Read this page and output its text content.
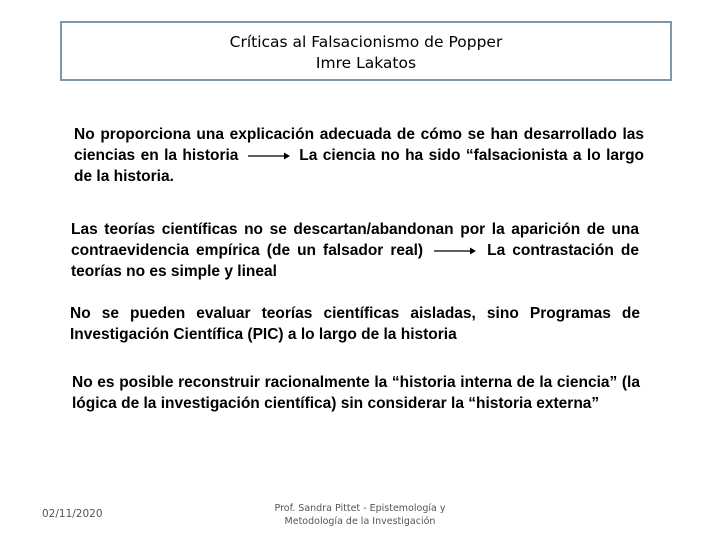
Críticas al Falsacionismo de Popper
Imre Lakatos
No proporciona una explicación adecuada de cómo se han desarrollado las ciencias en la historia	La ciencia no ha sido “falsacionista a lo largo de la historia.
Las teorías científicas no se descartan/abandonan por la aparición de una contraevidencia empírica (de un falsador real)	La contrastación de teorías no es simple y lineal
No se pueden evaluar teorías científicas aisladas, sino Programas de Investigación Científica (PIC) a lo largo de la historia
No es posible reconstruir racionalmente la “historia interna de la ciencia” (la lógica de la investigación científica) sin considerar la “historia externa”
02/11/2020	Prof. Sandra Pittet - Epistemología y
Metodología de la Investigación
